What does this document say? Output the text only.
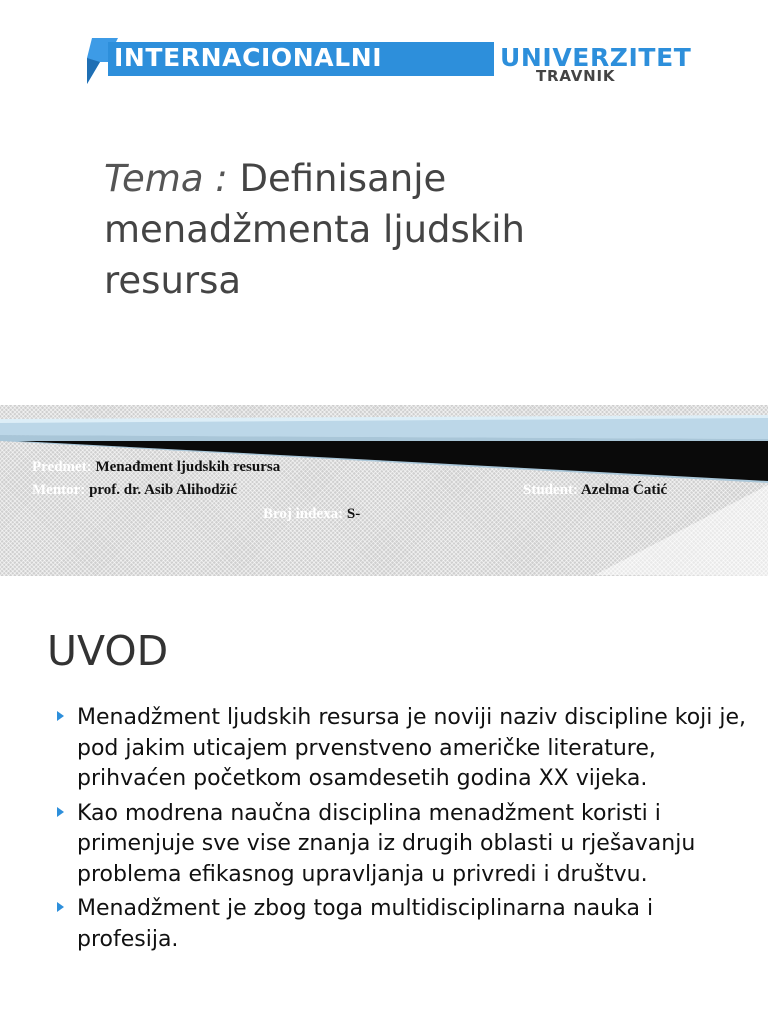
INTERNACIONALNI	UNIVERZITET
TRAVNIK
Tema : Definisanje menadžmenta ljudskih resursa
Predmet: Menađment ljudskih resursa
Mentor: prof. dr. Asib Alihodžić	Student: Azelma Ćatić
Broj indexa: S-
UVOD
Menadžment ljudskih resursa je noviji naziv discipline koji je, pod jakim uticajem prvenstveno američke literature, prihvaćen početkom osamdesetih godina XX vijeka.
Kao modrena naučna disciplina menadžment koristi i primenjuje sve vise znanja iz drugih oblasti u rješavanju problema efikasnog upravljanja u privredi i društvu.
Menadžment je zbog toga multidisciplinarna nauka i profesija.
